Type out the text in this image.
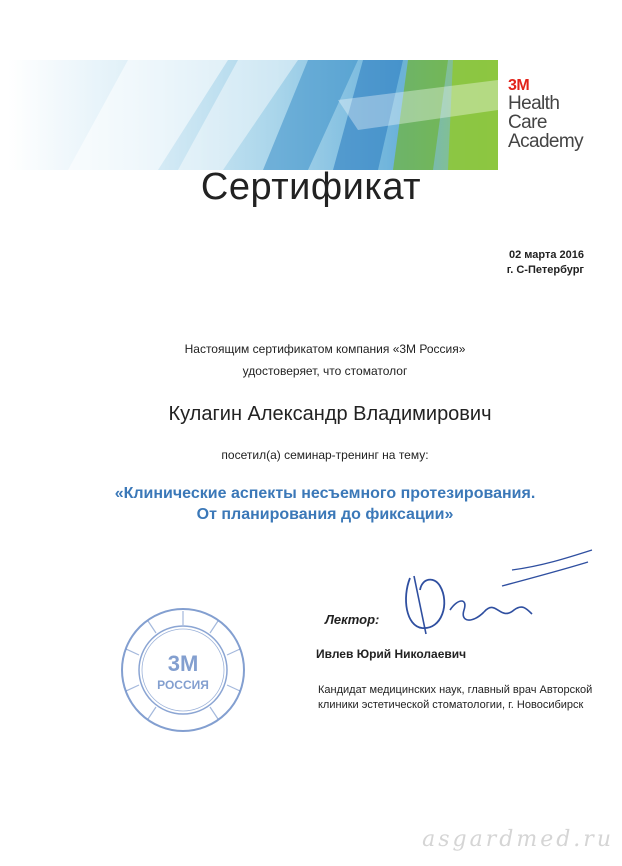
3M
Health
Care
Academy
Сертификат
02 марта 2016
г. С-Петербург
Настоящим сертификатом компания «3М Россия»
удостоверяет, что стоматолог
Кулагин Александр Владимирович
посетил(а) семинар-тренинг на тему:
«Клинические аспекты несъемного протезирования.
От планирования до фиксации»
Лектор:
Ивлев Юрий Николаевич
Кандидат медицинских наук, главный врач Авторской
клиники эстетической стоматологии, г. Новосибирск
3M
РОССИЯ
asgardmed.ru
